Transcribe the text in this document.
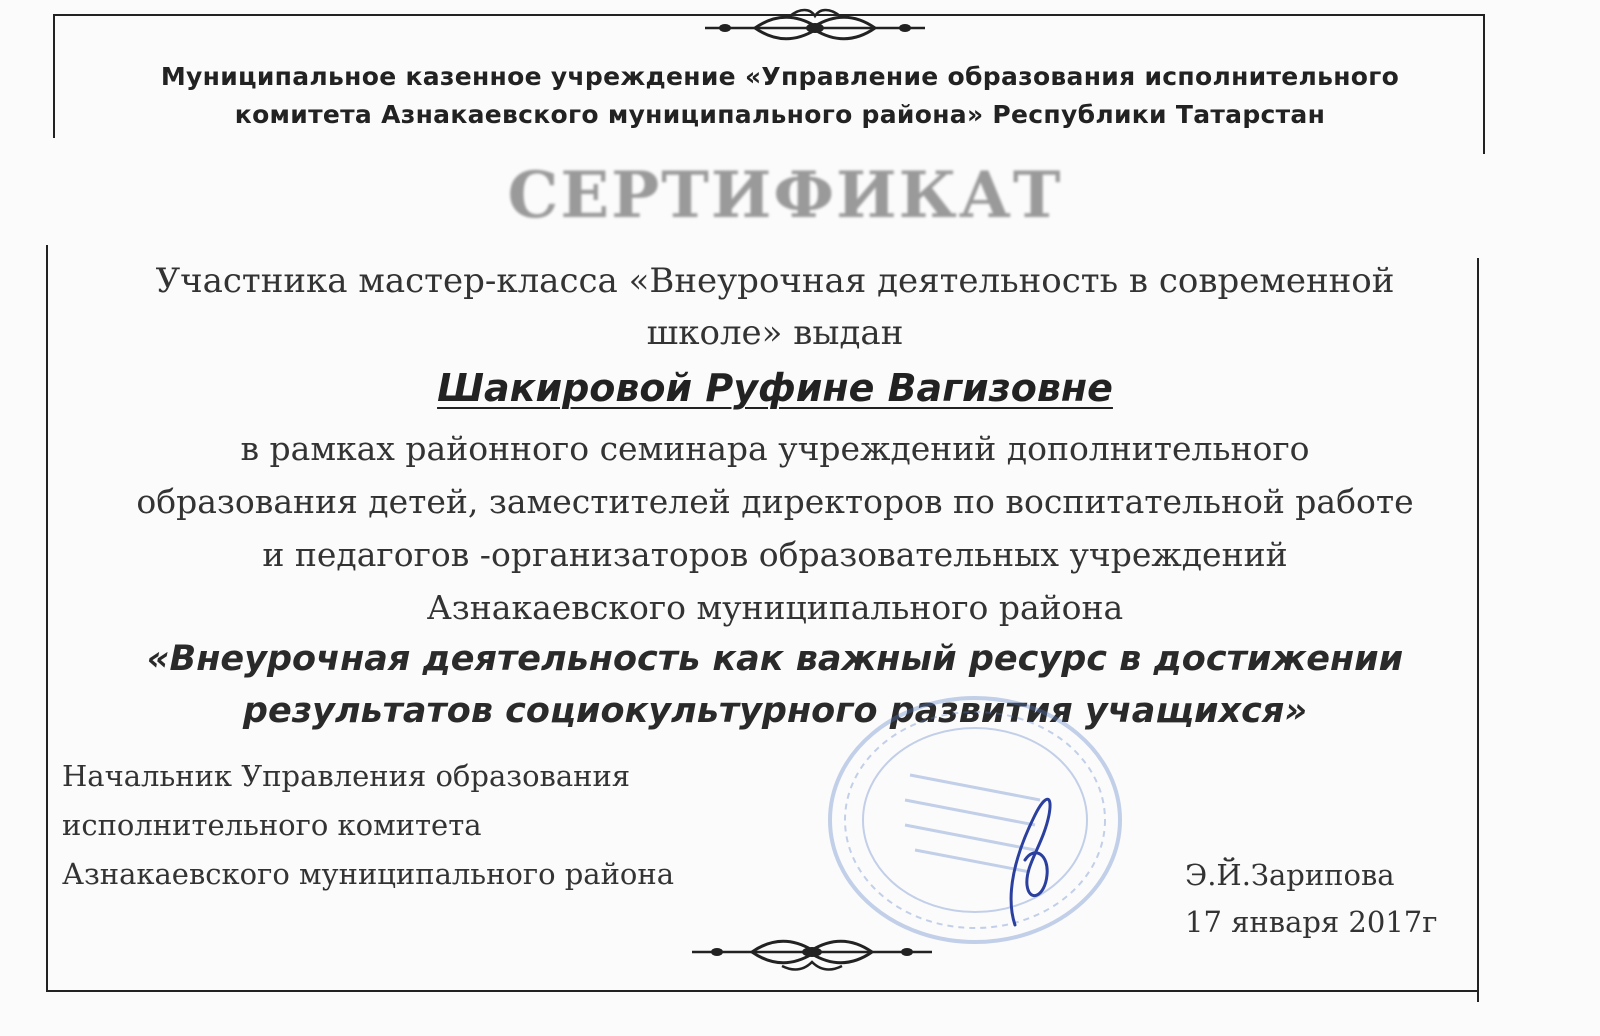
Муниципальное казенное учреждение «Управление образования исполнительного
комитета Азнакаевского муниципального района» Республики Татарстан
СЕРТИФИКАТ
Участника мастер-класса «Внеурочная деятельность в современной
школе» выдан
Шакировой Руфине Вагизовне
в рамках районного семинара учреждений дополнительного
образования детей, заместителей директоров по воспитательной работе
и педагогов -организаторов образовательных учреждений
Азнакаевского муниципального района
«Внеурочная деятельность как важный ресурс в достижении
результатов социокультурного развития учащихся»
Начальник Управления образования
исполнительного комитета
Азнакаевского муниципального района	Э.Й.Зарипова
17 января 2017г
